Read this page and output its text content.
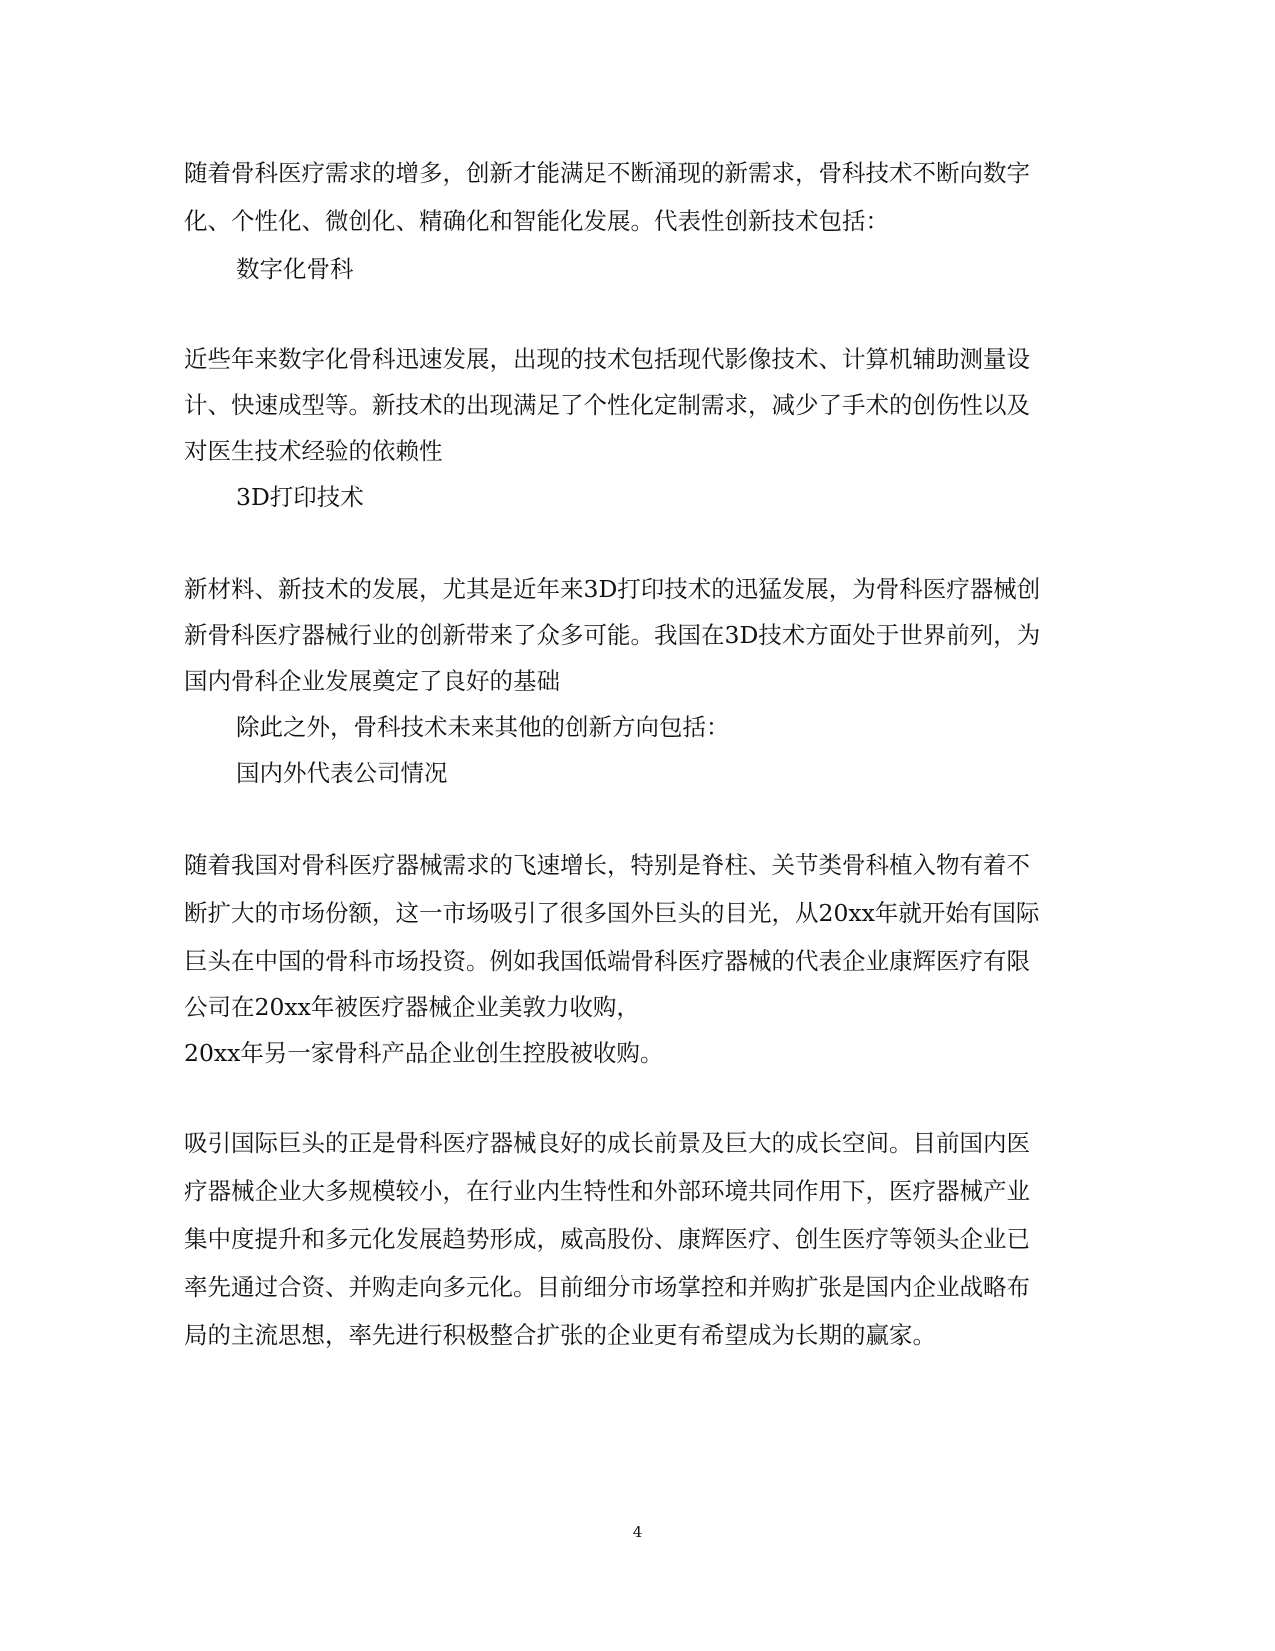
随着骨科医疗需求的增多，创新才能满足不断涌现的新需求，骨科技术不断向数字

化、个性化、微创化、精确化和智能化发展。代表性创新技术包括：

数字化骨科

近些年来数字化骨科迅速发展，出现的技术包括现代影像技术、计算机辅助测量设

计、快速成型等。新技术的出现满足了个性化定制需求，减少了手术的创伤性以及

对医生技术经验的依赖性

3D打印技术

新材料、新技术的发展，尤其是近年来3D打印技术的迅猛发展，为骨科医疗器械创

新骨科医疗器械行业的创新带来了众多可能。我国在3D技术方面处于世界前列，为

国内骨科企业发展奠定了良好的基础

除此之外，骨科技术未来其他的创新方向包括：

国内外代表公司情况

随着我国对骨科医疗器械需求的飞速增长，特别是脊柱、关节类骨科植入物有着不

断扩大的市场份额，这一市场吸引了很多国外巨头的目光，从20xx年就开始有国际

巨头在中国的骨科市场投资。例如我国低端骨科医疗器械的代表企业康辉医疗有限

公司在20xx年被医疗器械企业美敦力收购，

20xx年另一家骨科产品企业创生控股被收购。

吸引国际巨头的正是骨科医疗器械良好的成长前景及巨大的成长空间。目前国内医

疗器械企业大多规模较小，在行业内生特性和外部环境共同作用下，医疗器械产业

集中度提升和多元化发展趋势形成，威高股份、康辉医疗、创生医疗等领头企业已

率先通过合资、并购走向多元化。目前细分市场掌控和并购扩张是国内企业战略布

局的主流思想，率先进行积极整合扩张的企业更有希望成为长期的赢家。

4
